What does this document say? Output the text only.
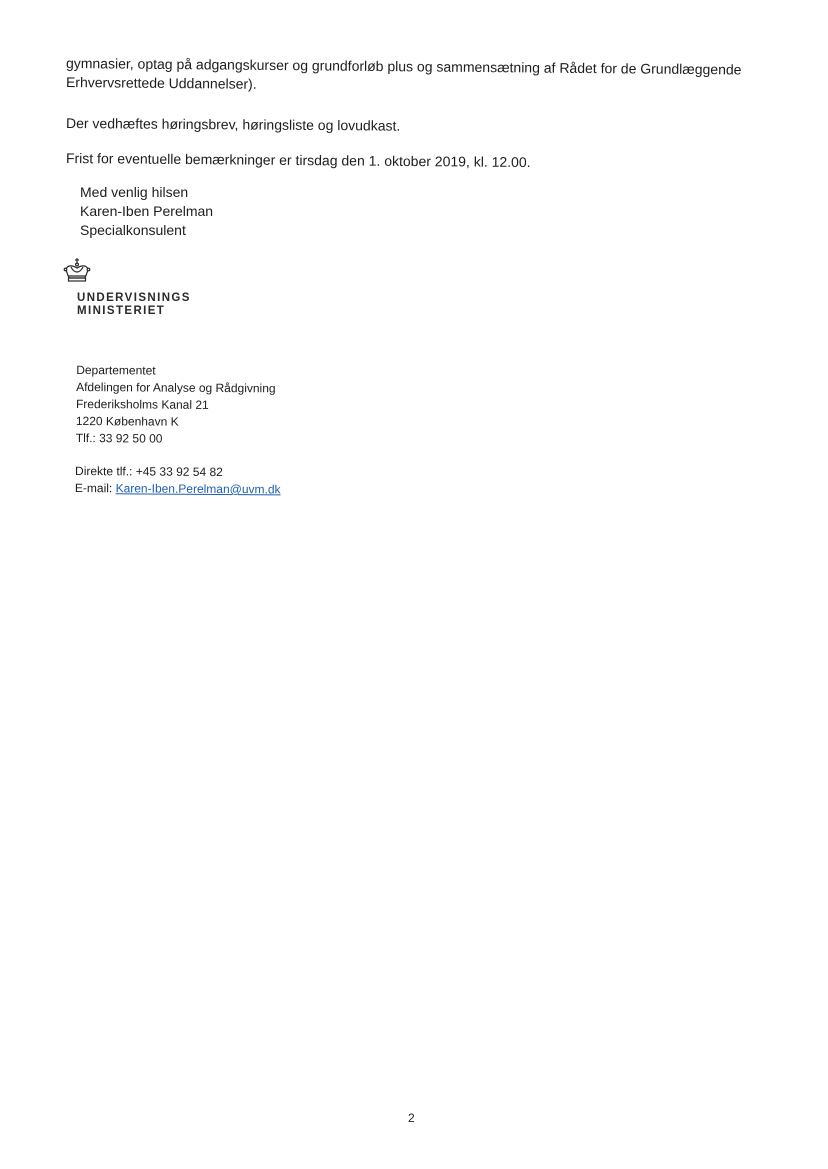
gymnasier, optag på adgangskurser og grundforløb plus og sammensætning af Rådet for de Grundlæggende
Erhvervsrettede Uddannelser).
Der vedhæftes høringsbrev, høringsliste og lovudkast.
Frist for eventuelle bemærkninger er tirsdag den 1. oktober 2019, kl. 12.00.
Med venlig hilsen
Karen-Iben Perelman
Specialkonsulent
UNDERVISNINGS
MINISTERIET
Departementet
Afdelingen for Analyse og Rådgivning
Frederiksholms Kanal 21
1220 København K
Tlf.: 33 92 50 00
Direkte tlf.: +45 33 92 54 82
E-mail: Karen-Iben.Perelman@uvm.dk
2
